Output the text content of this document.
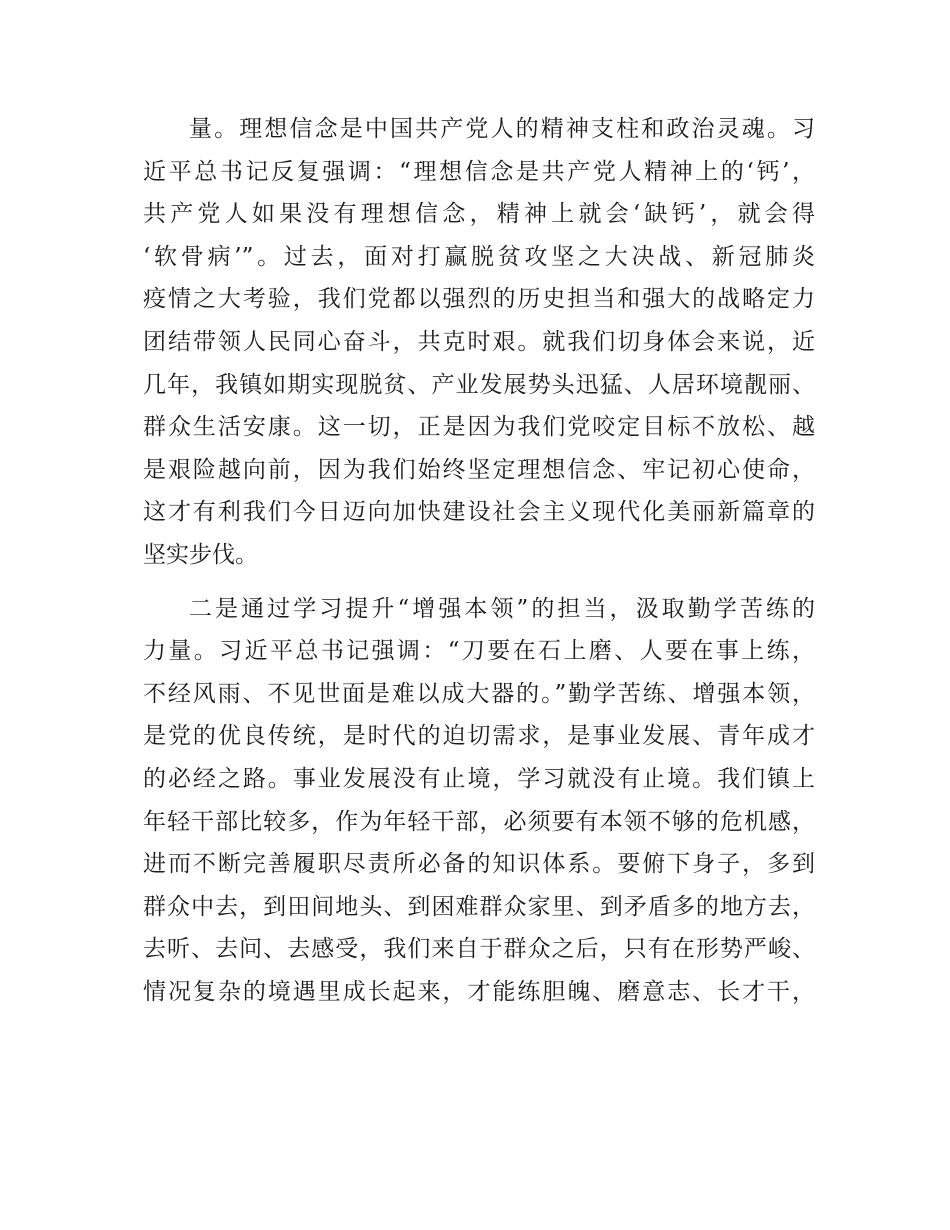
量。理想信念是中国共产党人的精神支柱和政治灵魂。习
近平总书记反复强调：“理想信念是共产党人精神上的‘钙’，
共产党人如果没有理想信念，精神上就会‘缺钙’，就会得
‘软骨病’”。过去，面对打赢脱贫攻坚之大决战、新冠肺炎
疫情之大考验，我们党都以强烈的历史担当和强大的战略定力
团结带领人民同心奋斗，共克时艰。就我们切身体会来说，近
几年，我镇如期实现脱贫、产业发展势头迅猛、人居环境靓丽、
群众生活安康。这一切，正是因为我们党咬定目标不放松、越
是艰险越向前，因为我们始终坚定理想信念、牢记初心使命，
这才有利我们今日迈向加快建设社会主义现代化美丽新篇章的
坚实步伐。
二是通过学习提升“增强本领”的担当，汲取勤学苦练的
力量。习近平总书记强调：“刀要在石上磨、人要在事上练，
不经风雨、不见世面是难以成大器的。”勤学苦练、增强本领，
是党的优良传统，是时代的迫切需求，是事业发展、青年成才
的必经之路。事业发展没有止境，学习就没有止境。我们镇上
年轻干部比较多，作为年轻干部，必须要有本领不够的危机感，
进而不断完善履职尽责所必备的知识体系。要俯下身子，多到
群众中去，到田间地头、到困难群众家里、到矛盾多的地方去，
去听、去问、去感受，我们来自于群众之后，只有在形势严峻、
情况复杂的境遇里成长起来，才能练胆魄、磨意志、长才干，
